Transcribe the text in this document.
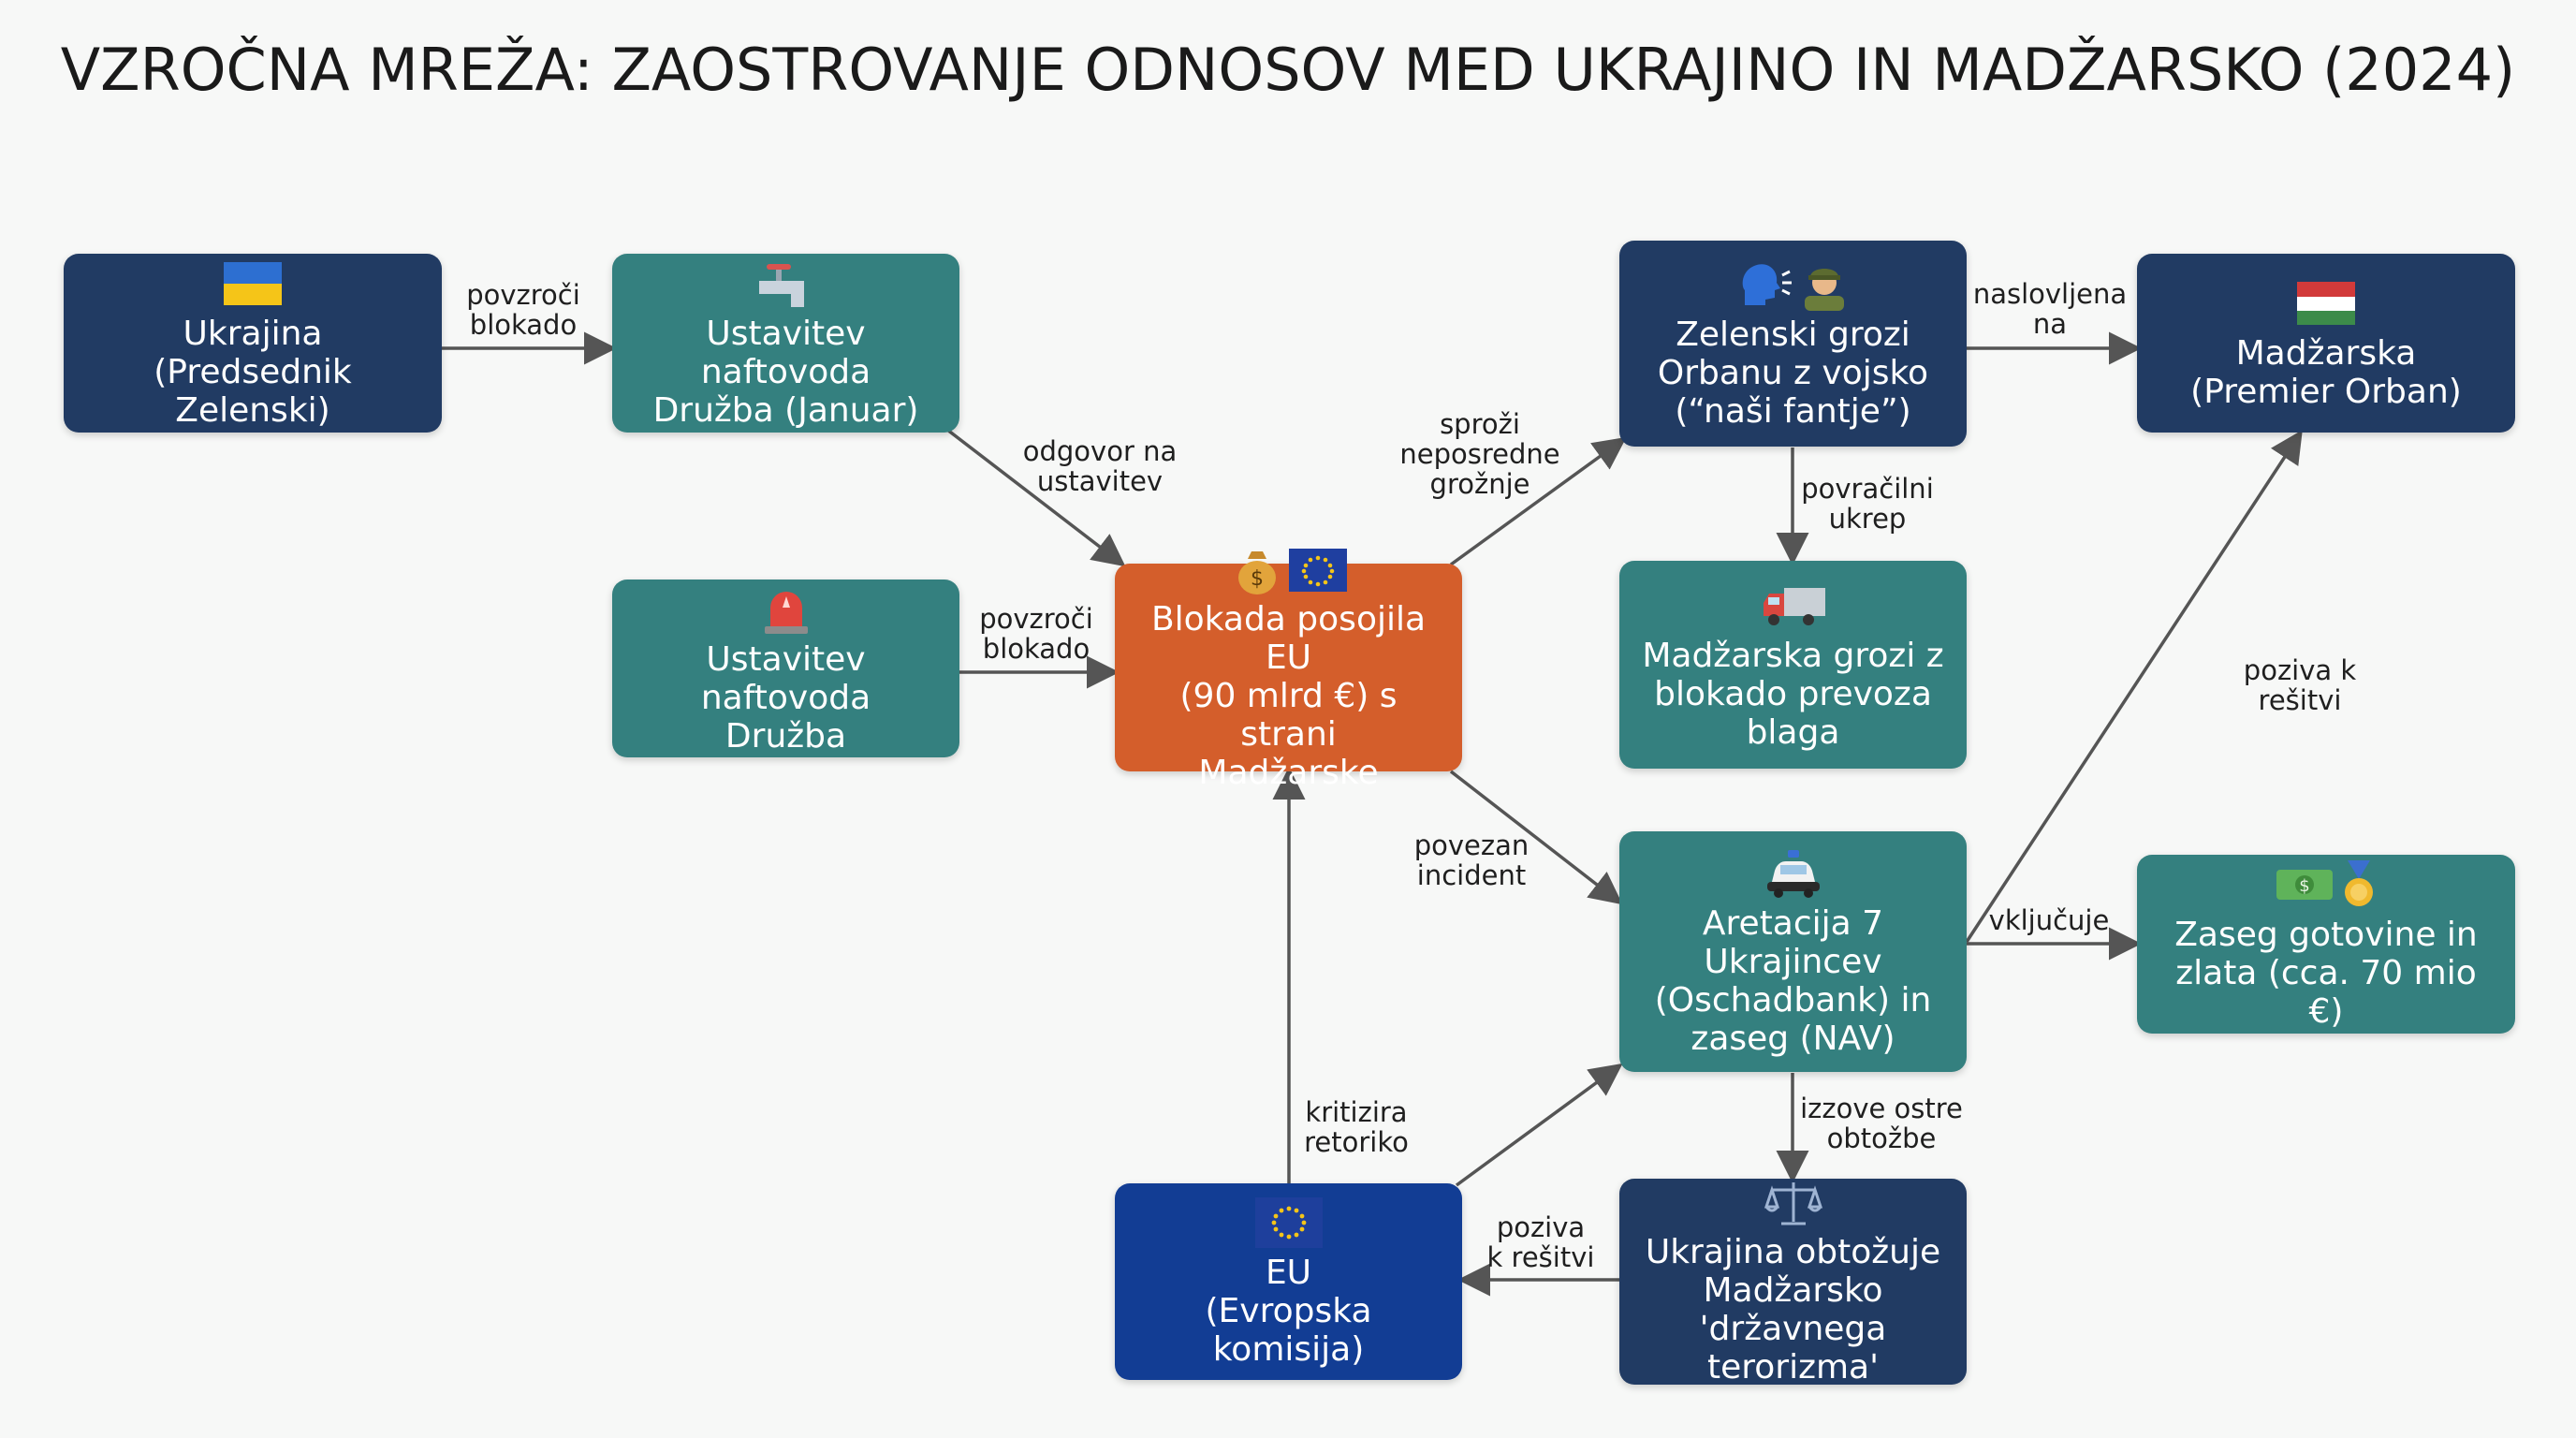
VZROČNA MREŽA: ZAOSTROVANJE ODNOSOV MED UKRAJINO IN MADŽARSKO (2024)
Ukrajina
(Predsednik Zelenski)
Ustavitev naftovoda
Družba (Januar)
Ustavitev naftovoda
Družba
$
Blokada posojila EU
(90 mlrd €) s strani
Madžarske
Zelenski grozi
Orbanu z vojsko
(“naši fantje”)
Madžarska
(Premier Orban)
Madžarska grozi z
blokado prevoza
blaga
Aretacija 7
Ukrajincev
(Oschadbank) in
zaseg (NAV)
$
Zaseg gotovine in
zlata (cca. 70 mio €)
EU
(Evropska komisija)
Ukrajina obtožuje
Madžarsko
'državnega terorizma'
povzroči
blokado
odgovor na
ustavitev
povzroči
blokado
sproži
neposredne
grožnje
naslovljena
na
povračilni
ukrep
povezan
incident
poziva k
rešitvi
vključuje
izzove ostre
obtožbe
poziva
k rešitvi
kritizira
retoriko
